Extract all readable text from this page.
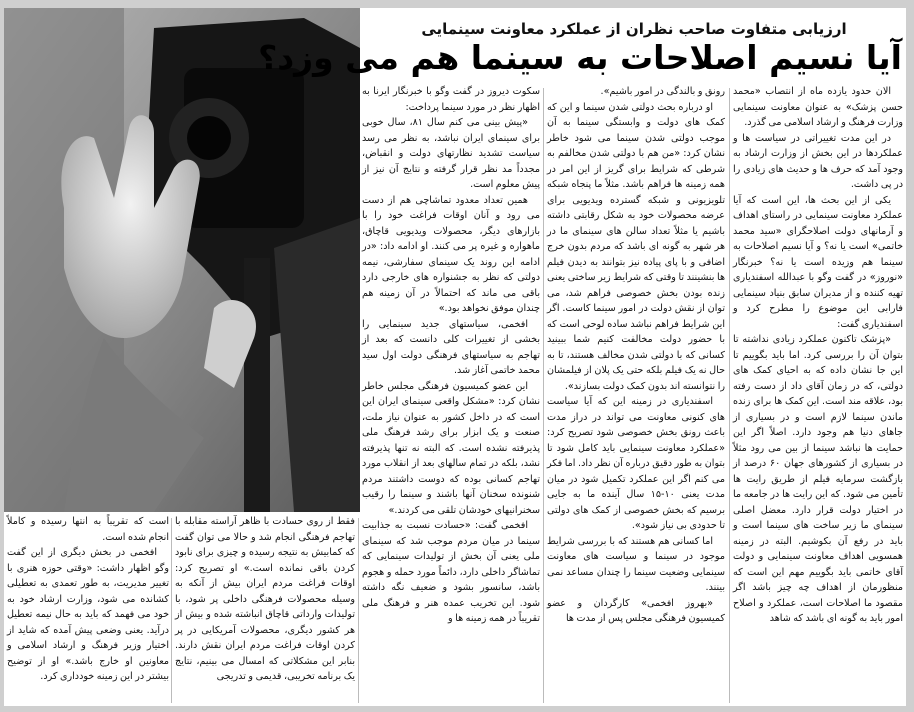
ارزیابی متفاوت صاحب نظران از عملکرد معاونت سینمایی
آیا نسیم اصلاحات به سینما هم می وزد؟

الان حدود یازده ماه از انتصاب «محمد حسن پزشک» به عنوان معاونت سینمایی وزارت فرهنگ و ارشاد اسلامی می گذرد.

در این مدت تغییراتی در سیاست ها و عملکردها در این بخش از وزارت ارشاد به وجود آمد که حرف ها و حدیث های زیادی را در پی داشت.

یکی از این بحث ها، این است که آیا عملکرد معاونت سینمایی در راستای اهداف و آرمانهای دولت اصلاحگرای «سید محمد خاتمی» است یا نه؟ و آیا نسیم اصلاحات به سینما هم وزیده است یا نه؟ خبرنگار «نوروز» در گفت وگو با عبدالله اسفندیاری تهیه کننده و از مدیران سابق بنیاد سینمایی فارابی این موضوع را مطرح کرد و اسفندیاری گفت:

«پزشک تاکنون عملکرد زیادی نداشته تا بتوان آن را بررسی کرد. اما باید بگوییم تا این جا نشان داده که به احیای کمک های دولتی، که در زمان آقای داد از دست رفته بود، علاقه مند است. این کمک ها برای زنده ماندن سینما لازم است و در بسیاری از جاهای دنیا هم وجود دارد. اصلاً اگر این حمایت ها نباشد سینما از بین می رود مثلاً در بسیاری از کشورهای جهان ۶۰ درصد از بازگشت سرمایه فیلم از طریق رایت ها تأمین می شود. که این رایت ها در جامعه ما در اختیار دولت قرار دارد. معضل اصلی سینمای ما زیر ساخت های سینما است و باید در رفع آن بکوشیم. البته در زمینه همسویی اهداف معاونت سینمایی و دولت آقای خاتمی باید بگوییم مهم این است که منظورمان از اهداف چه چیز باشد اگر مقصود ما اصلاحات است، عملکرد و اصلاح امور باید به گونه ای باشد که شاهد

رونق و بالندگی در امور باشیم».

او درباره بحث دولتی شدن سینما و این که کمک های دولت و وابستگی سینما به آن موجب دولتی شدن سینما می شود خاطر نشان کرد: «من هم با دولتی شدن مخالفم به شرطی که شرایط برای گریز از این امر در همه زمینه ها فراهم باشد. مثلاً ما پنجاه شبکه تلویزیونی و شبکه گسترده ویدیویی برای عرضه محصولات خود به شکل رقابتی داشته باشیم یا مثلاً تعداد سالن های سینمای ما در هر شهر به گونه ای باشد که مردم بدون خرج اضافی و با پای پیاده نیز بتوانند به دیدن فیلم ها بنشینند تا وقتی که شرایط زیر ساختی یعنی زنده بودن بخش خصوصی فراهم شد، می توان از نقش دولت در امور سینما کاست. اگر این شرایط فراهم نباشد ساده لوحی است که با حضور دولت مخالفت کنیم شما ببینید کسانی که با دولتی شدن مخالف هستند، تا به حال نه یک فیلم بلکه حتی یک پلان از فیلمشان را نتوانسته اند بدون کمک دولت بسازند».

اسفندیاری در زمینه این که آیا سیاست های کنونی معاونت می تواند در دراز مدت باعث رونق بخش خصوصی شود تصریح کرد: «عملکرد معاونت سینمایی باید کامل شود تا بتوان به طور دقیق درباره آن نظر داد. اما فکر می کنم اگر این عملکرد تکمیل شود در میان مدت یعنی ۱۰-۱۵ سال آینده ما به جایی برسیم که بخش خصوصی از کمک های دولتی تا حدودی بی نیاز شود».

اما کسانی هم هستند که با بررسی شرایط موجود در سینما و سیاست های معاونت سینمایی وضعیت سینما را چندان مساعد نمی بینند.

«بهروز افخمی» کارگردان و عضو کمیسیون فرهنگی مجلس پس از مدت ها

سکوت دیروز در گفت وگو با خبرنگار ایرنا به اظهار نظر در مورد سینما پرداخت:

«پیش بینی می کنم سال ۸۱، سال خوبی برای سینمای ایران نباشد، به نظر می رسد سیاست تشدید نظارتهای دولت و انقباض، مجدداً مد نظر قرار گرفته و نتایج آن نیز از پیش معلوم است.

همین تعداد معدود تماشاچی هم از دست می رود و آنان اوقات فراغت خود را با بازارهای دیگر، محصولات ویدیویی قاچاق، ماهواره و غیره پر می کنند. او ادامه داد: «در ادامه این روند یک سینمای سفارشی، نیمه دولتی که نظر به جشنواره های خارجی دارد باقی می ماند که احتمالاً در آن زمینه هم چندان موفق نخواهد بود.»

افخمی، سیاستهای جدید سینمایی را بخشی از تغییرات کلی دانست که بعد از تهاجم به سیاستهای فرهنگی دولت اول سید محمد خاتمی آغاز شد.

این عضو کمیسیون فرهنگی مجلس خاطر نشان کرد: «مشکل واقعی سینمای ایران این است که در داخل کشور به عنوان نیاز ملت، صنعت و یک ابزار برای رشد فرهنگ ملی پذیرفته نشده است. که البته نه تنها پذیرفته نشد، بلکه در تمام سالهای بعد از انقلاب مورد تهاجم کسانی بوده که دوست داشتند مردم شنونده سخنان آنها باشند و سینما را رقیب سخنرانیهای خودشان تلقی می کردند.»

افخمی گفت: «حسادت نسبت به جذابیت سینما در میان مردم موجب شد که سینمای ملی یعنی آن بخش از تولیدات سینمایی که تماشاگر داخلی دارد، دائماً مورد حمله و هجوم باشد، سانسور بشود و ضعیف نگه داشته شود. این تخریب عمده هنر و فرهنگ ملی تقریباً در همه زمینه ها و

فقط از روی حسادت با ظاهر آراسته مقابله با تهاجم فرهنگی انجام شد و حالا می توان گفت که کمابیش به نتیجه رسیده و چیزی برای نابود کردن باقی نمانده است.» او تصریح کرد: اوقات فراغت مردم ایران بیش از آنکه به وسیله محصولات فرهنگی داخلی پر شود، با تولیدات وارداتی قاچاق انباشته شده و بیش از هر کشور دیگری، محصولات آمریکایی در پر کردن اوقات فراغت مردم ایران نقش دارند. بنابر این مشکلاتی که امسال می بینیم، نتایج یک برنامه تخریبی، قدیمی و تدریجی

است که تقریباً به انتها رسیده و کاملاً انجام شده است.

افخمی در بخش دیگری از این گفت وگو اظهار داشت: «وقتی حوزه هنری با تغییر مدیریت، به طور تعمدی به تعطیلی کشانده می شود، وزارت ارشاد خود به خود می فهمد که باید به حال نیمه تعطیل درآید. یعنی وضعی پیش آمده که شاید از اختیار وزیر فرهنگ و ارشاد اسلامی و معاونین او خارج باشد.» او از توضیح بیشتر در این زمینه خودداری کرد.
